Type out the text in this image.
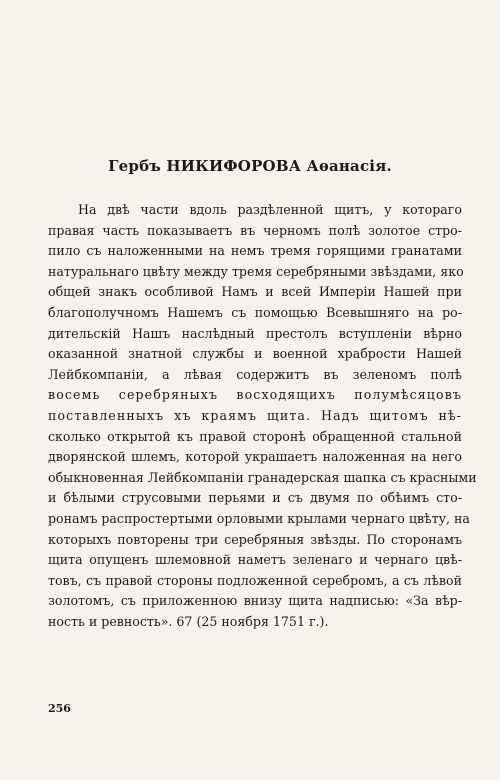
Гербъ НИКИФОРОВА Аѳанасія.
На двѣ части вдоль раздѣленной щитъ, у котораго
правая часть показываетъ въ черномъ полѣ золотое стро-
пило съ наложенными на немъ тремя горящими гранатами
натуральнаго цвѣту между тремя серебряными звѣздами, яко
общей знакъ особливой Намъ и всей Имперіи Нашей при
благополучномъ Нашемъ съ помощью Всевышняго на ро-
дительскій Нашъ наслѣдный престолъ вступленіи вѣрно
оказанной знатной службы и военной храбрости Нашей
Лейбкомпаніи, а лѣвая содержитъ въ зеленомъ полѣ
восемь серебряныхъ восходящихъ полумѣсяцовъ
поставленныхъ хъ краямъ щита. Надъ щитомъ нѣ-
сколько открытой къ правой сторонѣ обращенной стальной
дворянской шлемъ, которой украшаетъ наложенная на него
обыкновенная Лейбкомпаніи гранадерская шапка съ красными
и бѣлыми струсовыми перьями и съ двумя по обѣимъ сто-
ронамъ распростертыми орловыми крылами чернаго цвѣту, на
которыхъ повторены три серебряныя звѣзды. По сторонамъ
щита опущенъ шлемовной наметъ зеленаго и чернаго цвѣ-
товъ, съ правой стороны подложенной серебромъ, а съ лѣвой
золотомъ, съ приложенною внизу щита надписью: «За вѣр-
ность и ревность». 67 (25 ноября 1751 г.).
256
